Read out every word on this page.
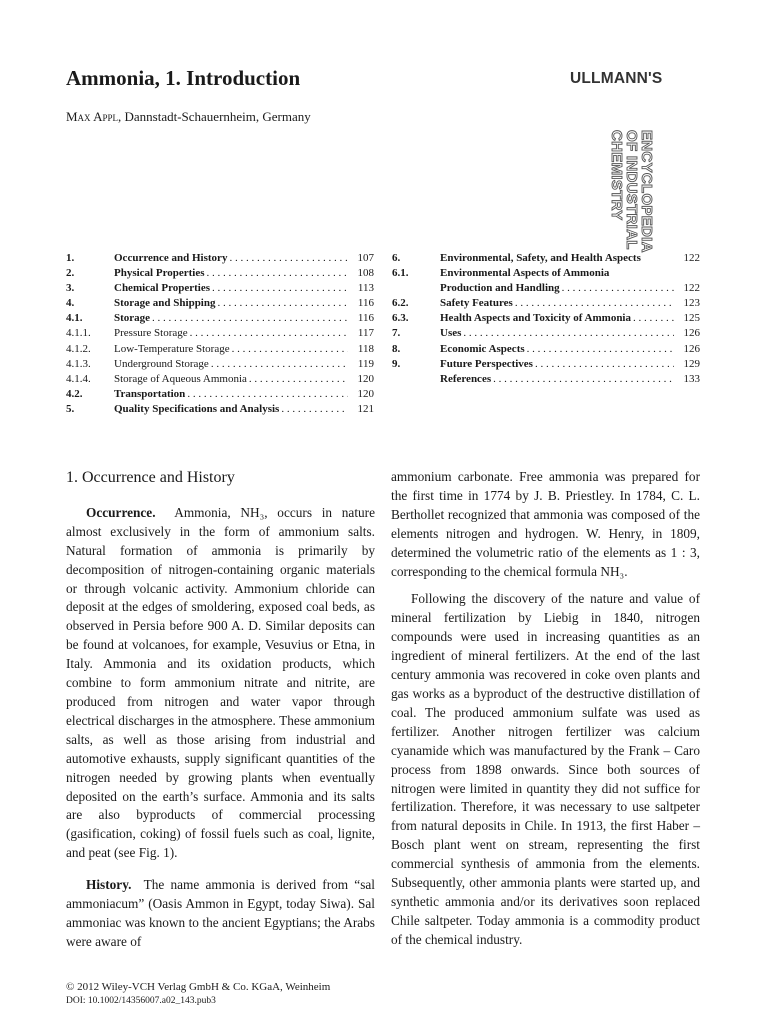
Ammonia, 1. Introduction
Max Appl, Dannstadt-Schauernheim, Germany
ULLMANN'S
ENCYCLOPEDIA
OF INDUSTRIAL
CHEMISTRY
1.	Occurrence and History . . .	107
2.	Physical Properties . . .	108
3.	Chemical Properties . . .	113
4.	Storage and Shipping . . .	116
4.1.	Storage . . .	116
4.1.1.	Pressure Storage . . .	117
4.1.2.	Low-Temperature Storage . . .	118
4.1.3.	Underground Storage . . .	119
4.1.4.	Storage of Aqueous Ammonia . . .	120
4.2.	Transportation . . .	120
5.	Quality Specifications and Analysis . . .	121
6.	Environmental, Safety, and Health Aspects	122
6.1.	Environmental Aspects of Ammonia
Production and Handling . . .	122
6.2.	Safety Features . . .	123
6.3.	Health Aspects and Toxicity of Ammonia . . .	125
7.	Uses . . .	126
8.	Economic Aspects . . .	126
9.	Future Perspectives . . .	129
References . . .	133
1. Occurrence and History

Occurrence. Ammonia, NH₃, occurs in nature almost exclusively in the form of ammonium salts. Natural formation of ammonia is primarily by decomposition of nitrogen-containing organic materials or through volcanic activity. Ammonium chloride can deposit at the edges of smoldering, exposed coal beds, as observed in Persia before 900 A. D. Similar deposits can be found at volcanoes, for example, Vesuvius or Etna, in Italy. Ammonia and its oxidation products, which combine to form ammonium nitrate and nitrite, are produced from nitrogen and water vapor through electrical discharges in the atmosphere. These ammonium salts, as well as those arising from industrial and automotive exhausts, supply significant quantities of the nitrogen needed by growing plants when eventually deposited on the earth’s surface. Ammonia and its salts are also byproducts of commercial processing (gasification, coking) of fossil fuels such as coal, lignite, and peat (see Fig. 1).

History. The name ammonia is derived from “sal ammoniacum” (Oasis Ammon in Egypt, today Siwa). Sal ammoniac was known to the ancient Egyptians; the Arabs were aware of

ammonium carbonate. Free ammonia was prepared for the first time in 1774 by J. B. Priestley. In 1784, C. L. Berthollet recognized that ammonia was composed of the elements nitrogen and hydrogen. W. Henry, in 1809, determined the volumetric ratio of the elements as 1 : 3, corresponding to the chemical formula NH₃.

Following the discovery of the nature and value of mineral fertilization by Liebig in 1840, nitrogen compounds were used in increasing quantities as an ingredient of mineral fertilizers. At the end of the last century ammonia was recovered in coke oven plants and gas works as a byproduct of the destructive distillation of coal. The produced ammonium sulfate was used as fertilizer. Another nitrogen fertilizer was calcium cyanamide which was manufactured by the Frank – Caro process from 1898 onwards. Since both sources of nitrogen were limited in quantity they did not suffice for fertilization. Therefore, it was necessary to use saltpeter from natural deposits in Chile. In 1913, the first Haber – Bosch plant went on stream, representing the first commercial synthesis of ammonia from the elements. Subsequently, other ammonia plants were started up, and synthetic ammonia and/or its derivatives soon replaced Chile saltpeter. Today ammonia is a commodity product of the chemical industry.

© 2012 Wiley-VCH Verlag GmbH & Co. KGaA, Weinheim
DOI: 10.1002/14356007.a02_143.pub3
